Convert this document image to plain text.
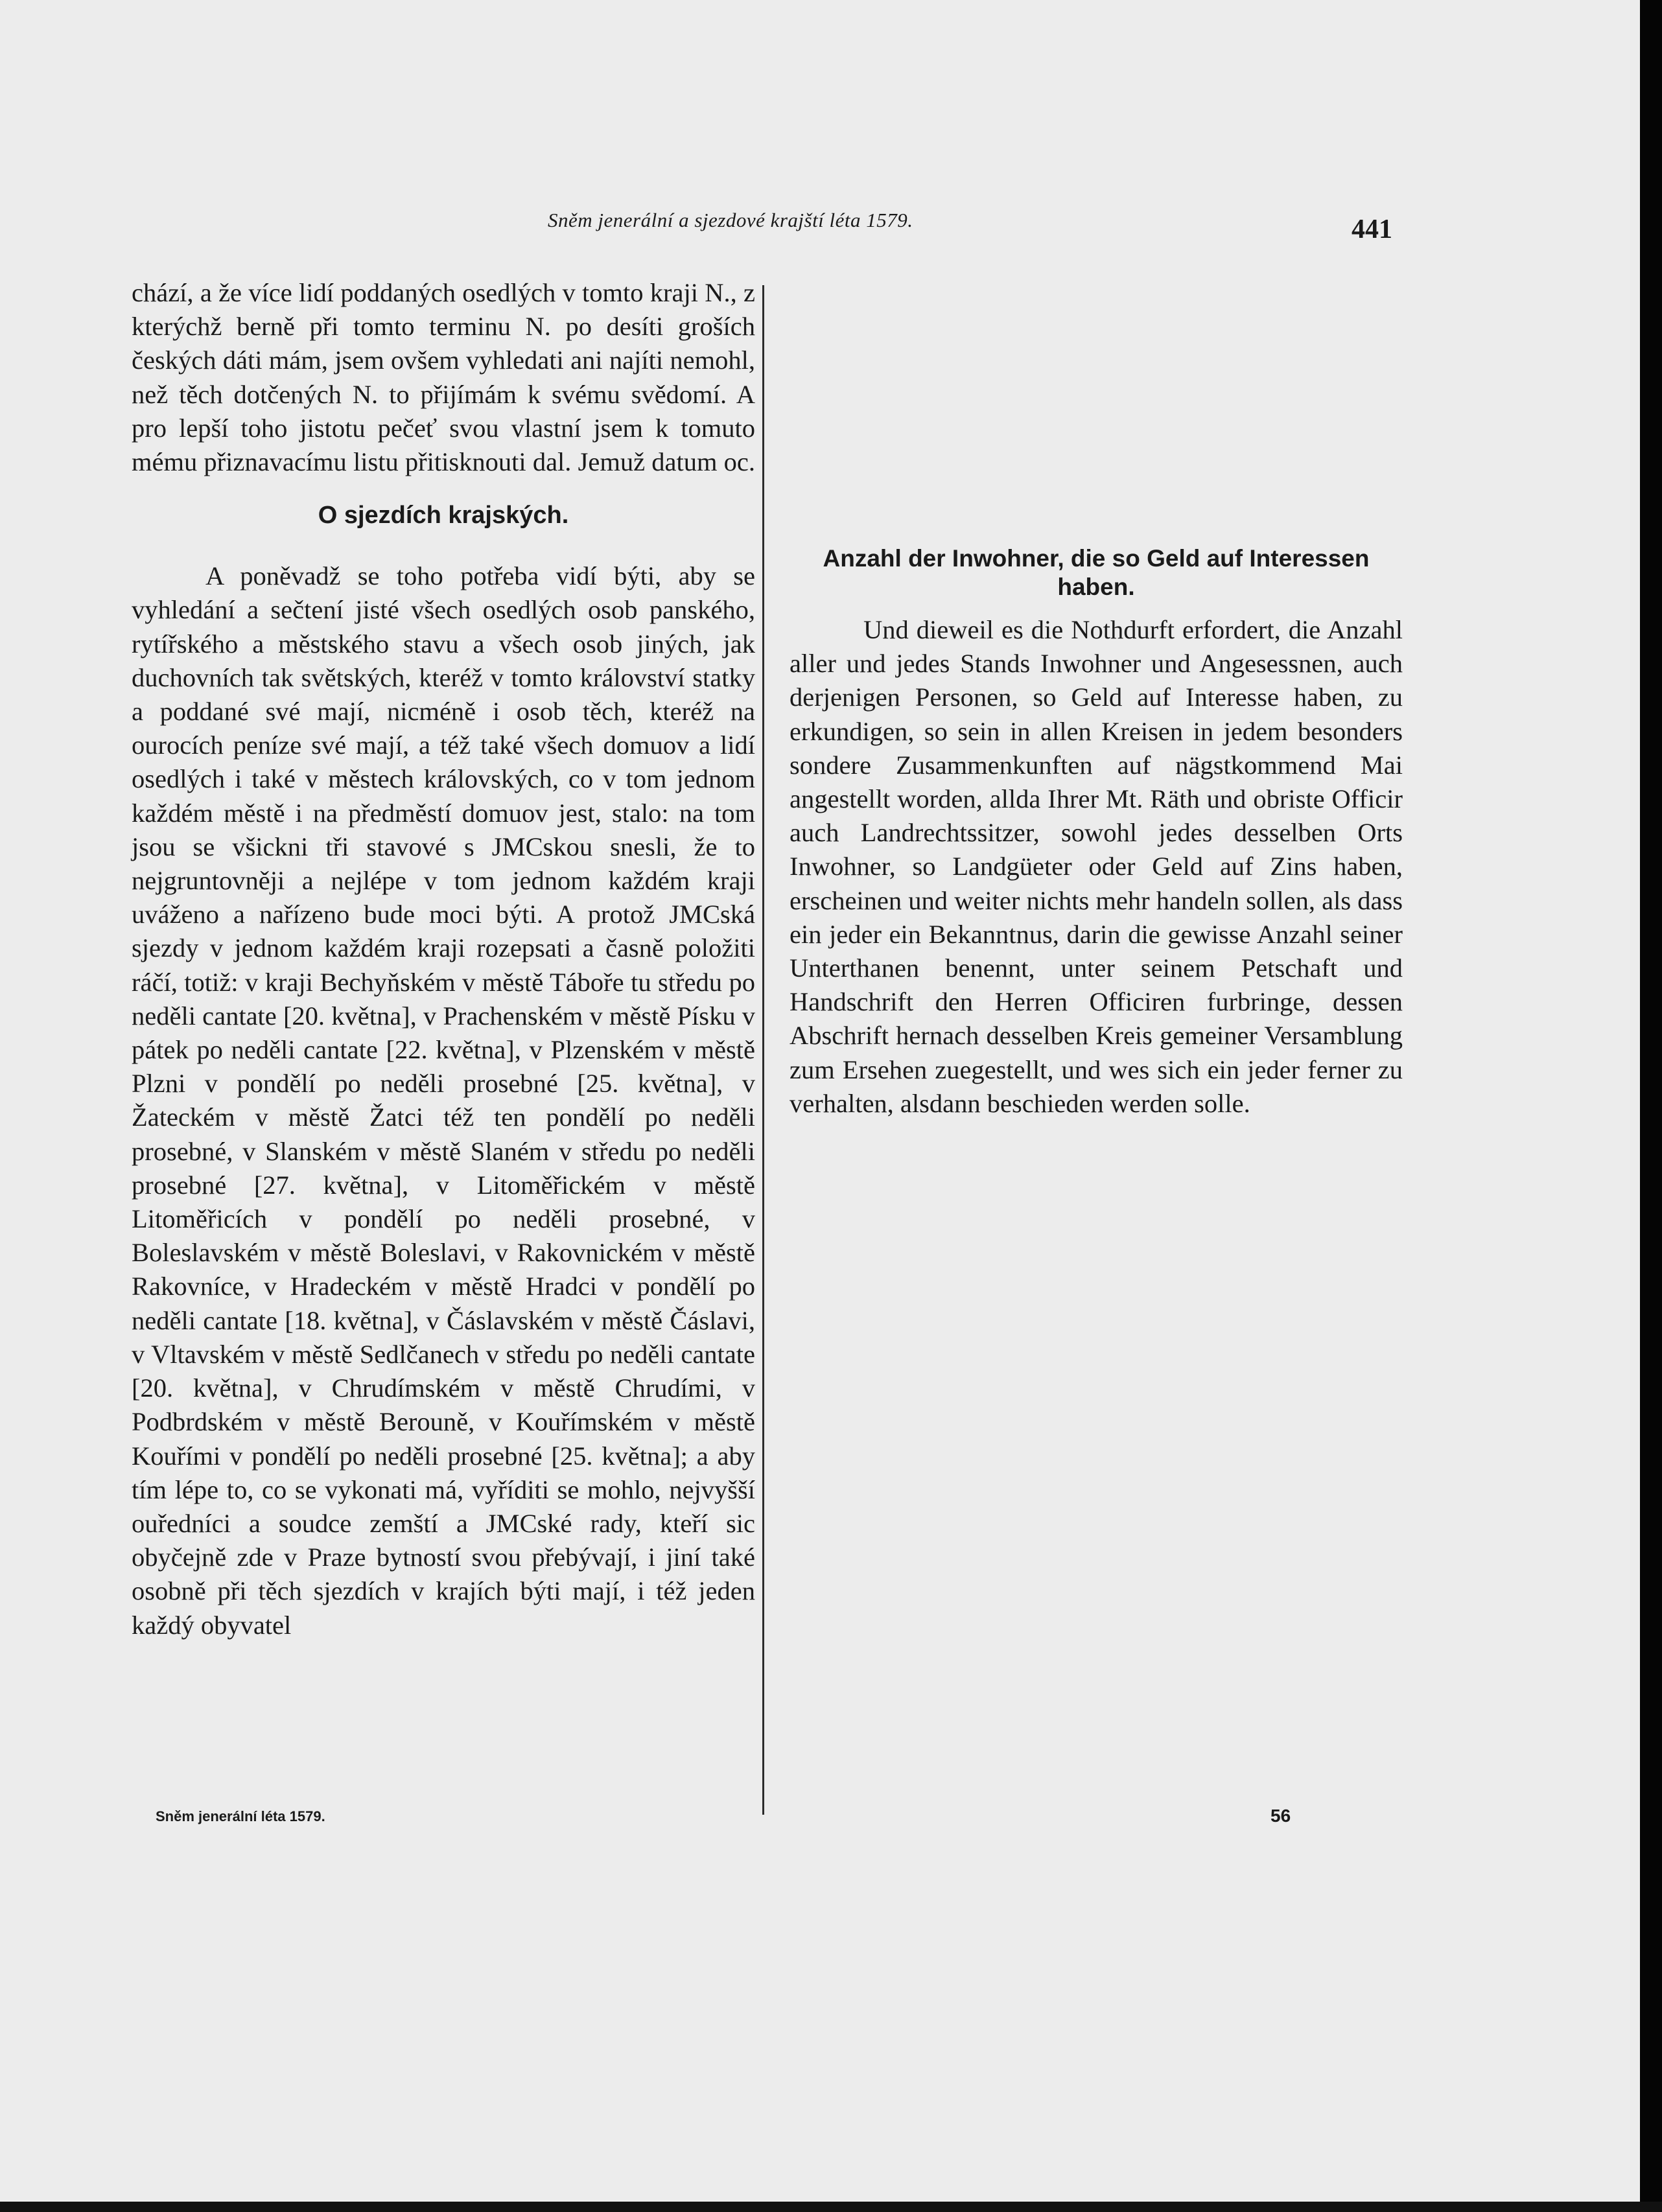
Sněm jenerální a sjezdové krajští léta 1579.	441

chází, a že více lidí poddaných osedlých v tomto kraji N., z kterýchž berně při tomto terminu N. po desíti groších českých dáti mám, jsem ovšem vyhledati ani najíti nemohl, než těch dotčených N. to přijímám k svému svědomí. A pro lepší toho jistotu pečeť svou vlastní jsem k tomuto mému přiznavacímu listu přitisknouti dal. Jemuž datum oc.

O sjezdích krajských.

A poněvadž se toho potřeba vidí býti, aby se vyhledání a sečtení jisté všech osedlých osob panského, rytířského a městského stavu a všech osob jiných, jak duchovních tak světských, kteréž v tomto království statky a poddané své mají, nicméně i osob těch, kteréž na ourocích peníze své mají, a též také všech domuov a lidí osedlých i také v městech královských, co v tom jednom každém městě i na předměstí domuov jest, stalo: na tom jsou se všickni tři stavové s JMCskou snesli, že to nejgruntovněji a nejlépe v tom jednom každém kraji uváženo a nařízeno bude moci býti. A protož JMCská sjezdy v jednom každém kraji rozepsati a časně položiti ráčí, totiž: v kraji Bechyňském v městě Táboře tu středu po neděli cantate [20. května], v Prachenském v městě Písku v pátek po neděli cantate [22. května], v Plzenském v městě Plzni v pondělí po neděli prosebné [25. května], v Žateckém v městě Žatci též ten pondělí po neděli prosebné, v Slanském v městě Slaném v středu po neděli prosebné [27. května], v Litoměřickém v městě Litoměřicích v pondělí po neděli prosebné, v Boleslavském v městě Boleslavi, v Rakovnickém v městě Rakovníce, v Hradeckém v městě Hradci v pondělí po neděli cantate [18. května], v Čáslavském v městě Čáslavi, v Vltavském v městě Sedlčanech v středu po neděli cantate [20. května], v Chrudímském v městě Chrudími, v Podbrdském v městě Berouně, v Kouřímském v městě Kouřími v pondělí po neděli prosebné [25. května]; a aby tím lépe to, co se vykonati má, vyříditi se mohlo, nejvyšší ouředníci a soudce zemští a JMCské rady, kteří sic obyčejně zde v Praze bytností svou přebývají, i jiní také osobně při těch sjezdích v krajích býti mají, i též jeden každý obyvatel

Anzahl der Inwohner, die so Geld auf Interessen haben.

Und dieweil es die Nothdurft erfordert, die Anzahl aller und jedes Stands Inwohner und Angesessnen, auch derjenigen Personen, so Geld auf Interesse haben, zu erkundigen, so sein in allen Kreisen in jedem besonders sondere Zusammenkunften auf nägstkommend Mai angestellt worden, allda Ihrer Mt. Räth und obriste Officir auch Landrechtssitzer, sowohl jedes desselben Orts Inwohner, so Landgüeter oder Geld auf Zins haben, erscheinen und weiter nichts mehr handeln sollen, als dass ein jeder ein Bekanntnus, darin die gewisse Anzahl seiner Unterthanen benennt, unter seinem Petschaft und Handschrift den Herren Officiren furbringe, dessen Abschrift hernach desselben Kreis gemeiner Versamblung zum Ersehen zuegestellt, und wes sich ein jeder ferner zu verhalten, alsdann beschieden werden solle.

Sněm jenerální léta 1579.	56
